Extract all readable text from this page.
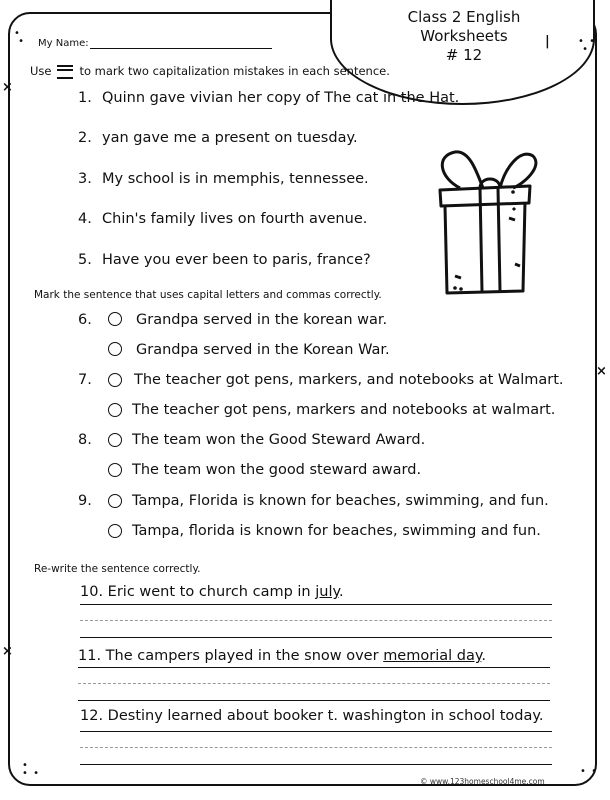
Class 2 English
Worksheets
# 12
•
•	• •
•
•
• •	• •
×
×
×
|
My Name:
Use to mark two capitalization mistakes in each sentence.
1. Quinn gave vivian her copy of The cat in the Hat.
2. yan gave me a present on tuesday.
3. My school is in memphis, tennessee.
4. Chin's family lives on fourth avenue.
5. Have you ever been to paris, france?
Mark the sentence that uses capital letters and commas correctly.
6.	Grandpa served in the korean war.
Grandpa served in the Korean War.
7.	The teacher got pens, markers, and notebooks at Walmart.
The teacher got pens, markers and notebooks at walmart.
8.	The team won the Good Steward Award.
The team won the good steward award.
9.	Tampa, Florida is known for beaches, swimming, and fun.
Tampa, florida is known for beaches, swimming and fun.
Re-write the sentence correctly.
10. Eric went to church camp in july.
11. The campers played in the snow over memorial day.
12. Destiny learned about booker t. washington in school today.
© www.123homeschool4me.com
